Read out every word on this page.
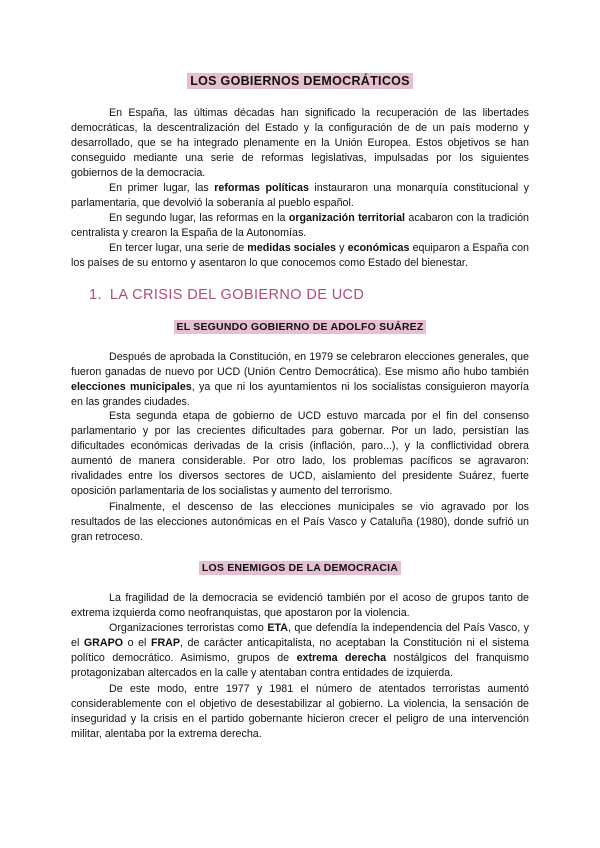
LOS GOBIERNOS DEMOCRÁTICOS

En España, las últimas décadas han significado la recuperación de las libertades democráticas, la descentralización del Estado y la configuración de de un país moderno y desarrollado, que se ha integrado plenamente en la Unión Europea. Estos objetivos se han conseguido mediante una serie de reformas legislativas, impulsadas por los siguientes gobiernos de la democracia.

En primer lugar, las reformas políticas instauraron una monarquía constitucional y parlamentaria, que devolvió la soberanía al pueblo español.

En segundo lugar, las reformas en la organización territorial acabaron con la tradición centralista y crearon la España de la Autonomías.

En tercer lugar, una serie de medidas sociales y económicas equiparon a España con los países de su entorno y asentaron lo que conocemos como Estado del bienestar.

1. LA CRISIS DEL GOBIERNO DE UCD
EL SEGUNDO GOBIERNO DE ADOLFO SUÁREZ

Después de aprobada la Constitución, en 1979 se celebraron elecciones generales, que fueron ganadas de nuevo por UCD (Unión Centro Democrática). Ese mismo año hubo también elecciones municipales, ya que ni los ayuntamientos ni los socialistas consiguieron mayoría en las grandes ciudades.

Esta segunda etapa de gobierno de UCD estuvo marcada por el fin del consenso parlamentario y por las crecientes dificultades para gobernar. Por un lado, persistían las dificultades económicas derivadas de la crisis (inflación, paro...), y la conflictividad obrera aumentó de manera considerable. Por otro lado, los problemas pacíficos se agravaron: rivalidades entre los diversos sectores de UCD, aislamiento del presidente Suárez, fuerte oposición parlamentaria de los socialistas y aumento del terrorismo.

Finalmente, el descenso de las elecciones municipales se vio agravado por los resultados de las elecciones autonómicas en el País Vasco y Cataluña (1980), donde sufrió un gran retroceso.

LOS ENEMIGOS DE LA DEMOCRACIA

La fragilidad de la democracia se evidenció también por el acoso de grupos tanto de extrema izquierda como neofranquistas, que apostaron por la violencia.

Organizaciones terroristas como ETA, que defendía la independencia del País Vasco, y el GRAPO o el FRAP, de carácter anticapitalista, no aceptaban la Constitución ni el sistema político democrático. Asimismo, grupos de extrema derecha nostálgicos del franquismo protagonizaban altercados en la calle y atentaban contra entidades de izquierda.

De este modo, entre 1977 y 1981 el número de atentados terroristas aumentó considerablemente con el objetivo de desestabilizar al gobierno. La violencia, la sensación de inseguridad y la crisis en el partido gobernante hicieron crecer el peligro de una intervención militar, alentaba por la extrema derecha.
